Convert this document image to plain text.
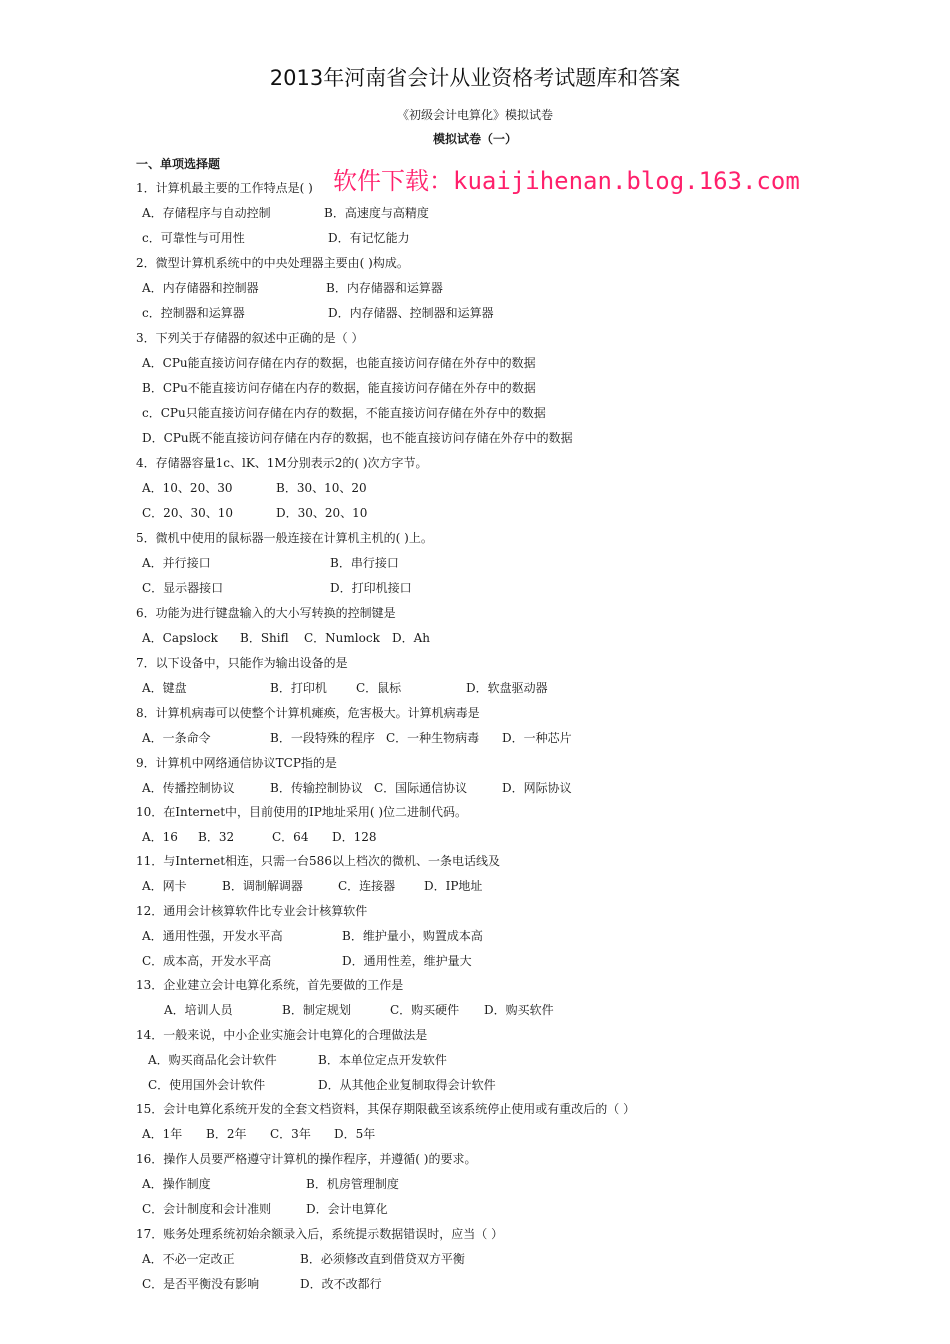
2013年河南省会计从业资格考试题库和答案
《初级会计电算化》模拟试卷
模拟试卷（一）
一、单项选择题
软件下载：kuaijihenan.blog.163.com
1．计算机最主要的工作特点是( )
A．存储程序与自动控制	B．高速度与高精度
c．可靠性与可用性	D．有记忆能力
2．微型计算机系统中的中央处理器主要由( )构成。
A．内存储器和控制器	B．内存储器和运算器
c．控制器和运算器	D．内存储器、控制器和运算器
3．下列关于存储器的叙述中正确的是（ ）
A．CPu能直接访问存储在内存的数据，也能直接访问存储在外存中的数据
B．CPu不能直接访问存储在内存的数据，能直接访问存储在外存中的数据
c．CPu只能直接访问存储在内存的数据，不能直接访问存储在外存中的数据
D．CPu既不能直接访问存储在内存的数据，也不能直接访问存储在外存中的数据
4．存储器容量1c、lK、1M分别表示2的( )次方字节。
A．10、20、30	B．30、10、20
C．20、30、10	D．30、20、10
5．微机中使用的鼠标器一般连接在计算机主机的( )上。
A．并行接口	B．串行接口
C．显示器接口	D．打印机接口
6．功能为进行键盘输入的大小写转换的控制键是
A．Capslock B．Shifl C．Numlock D．Ah
7．以下设备中，只能作为输出设备的是
A．键盘	B．打印机 C．鼠标	D．软盘驱动器
8．计算机病毒可以使整个计算机瘫痪，危害极大。计算机病毒是
A．一条命令	B．一段特殊的程序 C．一种生物病毒 D．一种芯片
9．计算机中网络通信协议TCP指的是
A．传播控制协议	B．传输控制协议 C．国际通信协议	D．网际协议
10．在Internet中，目前使用的IP地址采用( )位二进制代码。
A．16 B．32	C．64 D．128
11．与Internet相连，只需一台586以上档次的微机、一条电话线及
A．网卡	B．调制解调器	C．连接器 D．IP地址
12．通用会计核算软件比专业会计核算软件
A．通用性强，开发水平高	B．维护量小，购置成本高
C．成本高，开发水平高	D．通用性差，维护量大
13．企业建立会计电算化系统，首先要做的工作是
A．培训人员	B．制定规划	C．购买硬件 D．购买软件
14．一般来说，中小企业实施会计电算化的合理做法是
A．购买商品化会计软件	B．本单位定点开发软件
C．使用国外会计软件	D．从其他企业复制取得会计软件
15．会计电算化系统开发的全套文档资料，其保存期限截至该系统停止使用或有重改后的（ ）
A．1年 B．2年 C．3年 D．5年
16．操作人员要严格遵守计算机的操作程序，并遵循( )的要求。
A．操作制度	B．机房管理制度
C．会计制度和会计准则	D．会计电算化
17．账务处理系统初始余额录入后，系统提示数据错误时，应当（ ）
A．不必一定改正	B．必须修改直到借贷双方平衡
C．是否平衡没有影响	D．改不改都行
